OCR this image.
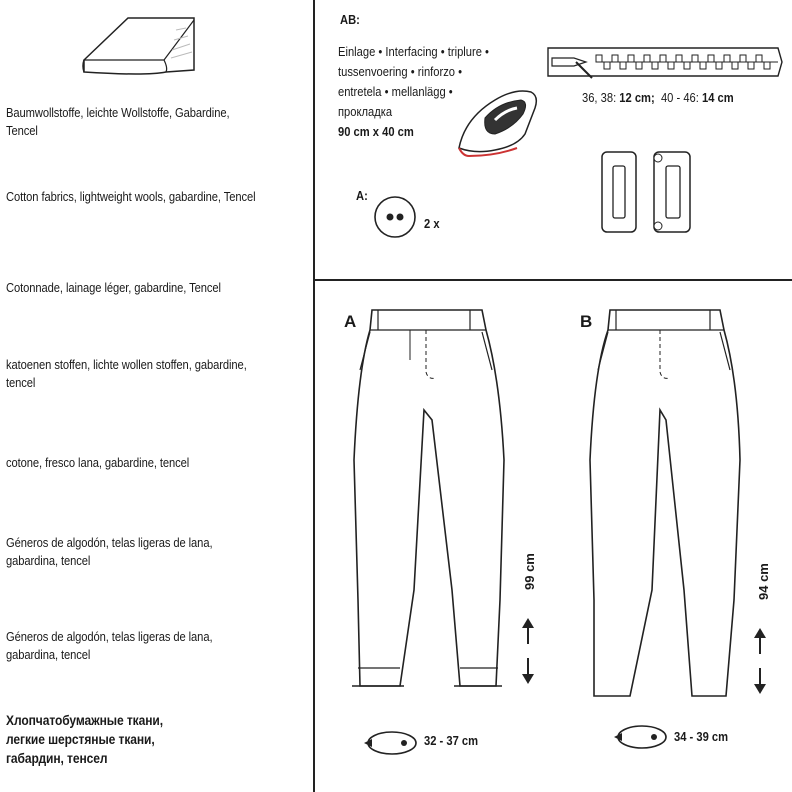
Baumwollstoffe, leichte Wollstoffe, Gabardine, Tencel
Cotton fabrics, lightweight wools, gabardine, Tencel
Cotonnade, lainage léger, gabardine, Tencel
katoenen stoffen, lichte wollen stoffen, gabardine, tencel
cotone, fresco lana, gabardine, tencel
Géneros de algodón, telas ligeras de lana, gabardina, tencel
Géneros de algodón, telas ligeras de lana, gabardina, tencel
Хлопчатобумажные ткани, легкие шерстяные ткани, габардин, тенсел
AB:
Einlage • Interfacing • triplure •
tussenvoering • rinforzo •
entretela • mellanlägg •
прокладка
90 cm x 40 cm
36, 38: 12 cm; 40 - 46: 14 cm
A:
2 x
A	B
99 cm	94 cm
32 - 37 cm	34 - 39 cm
